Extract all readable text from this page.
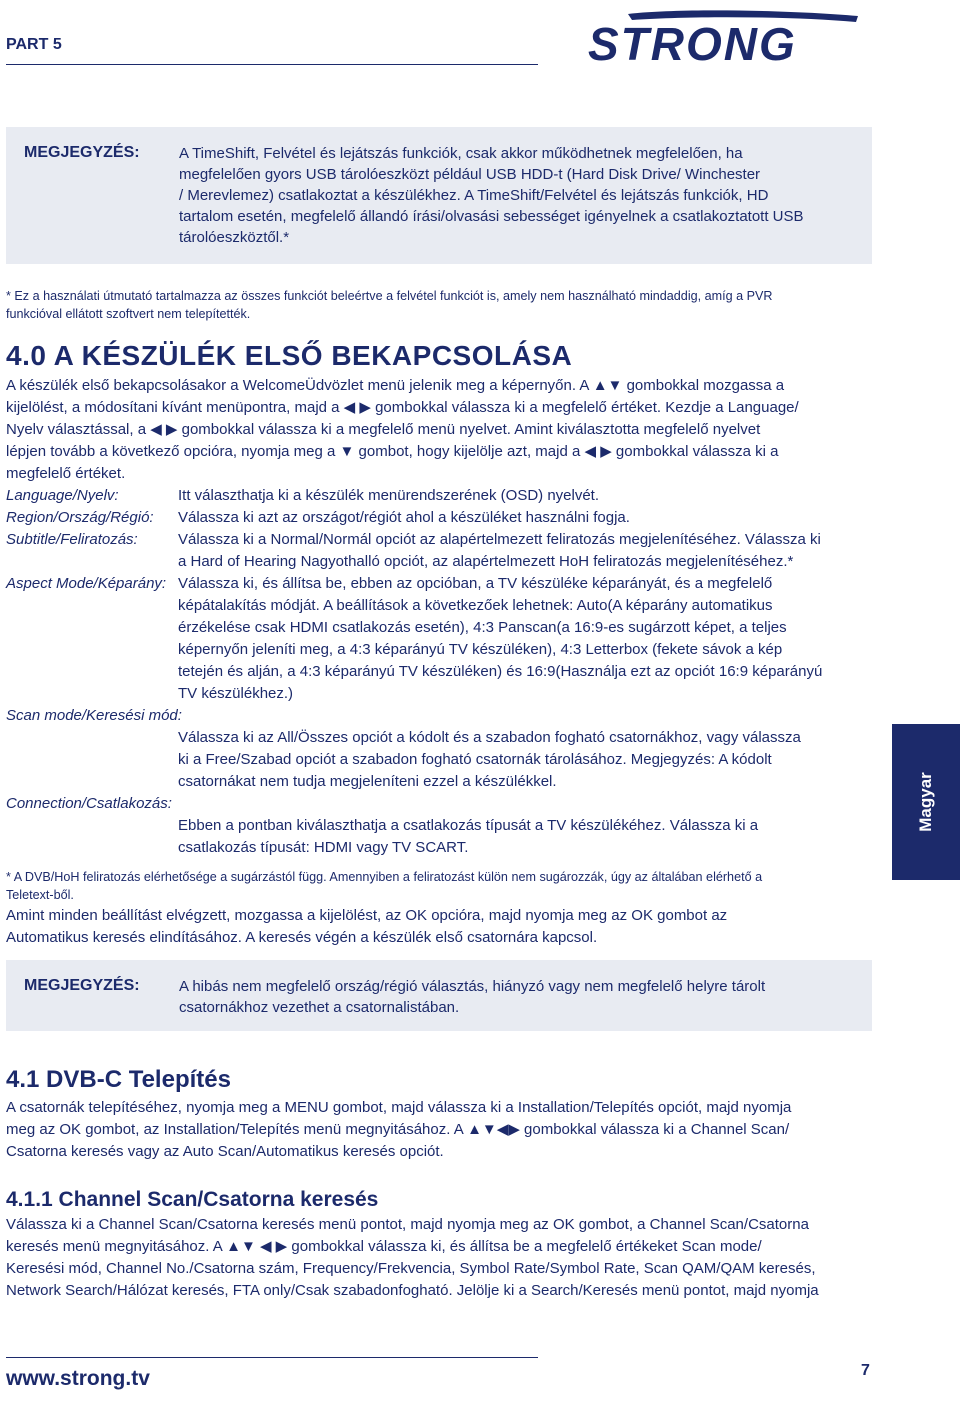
PART 5	STRONG
MEGJEGYZÉS:	A TimeShift, Felvétel és lejátszás funkciók, csak akkor működhetnek megfelelően, ha
megfelelően gyors USB tárolóeszközt például USB HDD-t (Hard Disk Drive/ Winchester
/ Merevlemez) csatlakoztat a készülékhez. A TimeShift/Felvétel és lejátszás funkciók, HD
tartalom esetén, megfelelő állandó írási/olvasási sebességet igényelnek a csatlakoztatott USB
tárolóeszköztől.*
* Ez a használati útmutató tartalmazza az összes funkciót beleértve a felvétel funkciót is, amely nem használható mindaddig, amíg a PVR
funkcióval ellátott szoftvert nem telepítették.
4.0 A KÉSZÜLÉK ELSŐ BEKAPCSOLÁSA
A készülék első bekapcsolásakor a WelcomeÜdvözlet menü jelenik meg a képernyőn. A ▲▼ gombokkal mozgassa a
kijelölést, a módosítani kívánt menüpontra, majd a ◀ ▶ gombokkal válassza ki a megfelelő értéket. Kezdje a Language/
Nyelv választással, a ◀ ▶ gombokkal válassza ki a megfelelő menü nyelvet. Amint kiválasztotta megfelelő nyelvet
lépjen tovább a következő opcióra, nyomja meg a ▼ gombot, hogy kijelölje azt, majd a ◀ ▶ gombokkal válassza ki a
megfelelő értéket.
Language/Nyelv:	Itt választhatja ki a készülék menürendszerének (OSD) nyelvét.
Region/Ország/Régió: Válassza ki azt az országot/régiót ahol a készüléket használni fogja.
Subtitle/Feliratozás:	Válassza ki a Normal/Normál opciót az alapértelmezett feliratozás megjelenítéséhez. Válassza ki
a Hard of Hearing Nagyothalló opciót, az alapértelmezett HoH feliratozás megjelenítéséhez.*
Aspect Mode/Képarány: Válassza ki, és állítsa be, ebben az opcióban, a TV készüléke képarányát, és a megfelelő
képátalakítás módját. A beállítások a következőek lehetnek: Auto(A képarány automatikus
érzékelése csak HDMI csatlakozás esetén), 4:3 Panscan(a 16:9-es sugárzott képet, a teljes
képernyőn jeleníti meg, a 4:3 képarányú TV készüléken), 4:3 Letterbox (fekete sávok a kép
tetején és alján, a 4:3 képarányú TV készüléken) és 16:9(Használja ezt az opciót 16:9 képarányú
TV készülékhez.)
Scan mode/Keresési mód:
Válassza ki az All/Összes opciót a kódolt és a szabadon fogható csatornákhoz, vagy válassza
ki a Free/Szabad opciót a szabadon fogható csatornák tárolásához. Megjegyzés: A kódolt
csatornákat nem tudja megjeleníteni ezzel a készülékkel.
Connection/Csatlakozás:
Ebben a pontban kiválaszthatja a csatlakozás típusát a TV készülékéhez. Válassza ki a
csatlakozás típusát: HDMI vagy TV SCART.
* A DVB/HoH feliratozás elérhetősége a sugárzástól függ. Amennyiben a feliratozást külön nem sugározzák, úgy az általában elérhető a
Teletext-ből.
Amint minden beállítást elvégzett, mozgassa a kijelölést, az OK opcióra, majd nyomja meg az OK gombot az
Automatikus keresés elindításához. A keresés végén a készülék első csatornára kapcsol.
MEGJEGYZÉS:	A hibás nem megfelelő ország/régió választás, hiányzó vagy nem megfelelő helyre tárolt
csatornákhoz vezethet a csatornalistában.
4.1 DVB-C Telepítés
A csatornák telepítéséhez, nyomja meg a MENU gombot, majd válassza ki a Installation/Telepítés opciót, majd nyomja
meg az OK gombot, az Installation/Telepítés menü megnyitásához. A ▲▼◀▶ gombokkal válassza ki a Channel Scan/
Csatorna keresés vagy az Auto Scan/Automatikus keresés opciót.
4.1.1 Channel Scan/Csatorna keresés
Válassza ki a Channel Scan/Csatorna keresés menü pontot, majd nyomja meg az OK gombot, a Channel Scan/Csatorna
keresés menü megnyitásához. A ▲▼ ◀ ▶ gombokkal válassza ki, és állítsa be a megfelelő értékeket Scan mode/
Keresési mód, Channel No./Csatorna szám, Frequency/Frekvencia, Symbol Rate/Symbol Rate, Scan QAM/QAM keresés,
Network Search/Hálózat keresés, FTA only/Csak szabadonfogható. Jelölje ki a Search/Keresés menü pontot, majd nyomja
Magyar
www.strong.tv	7
